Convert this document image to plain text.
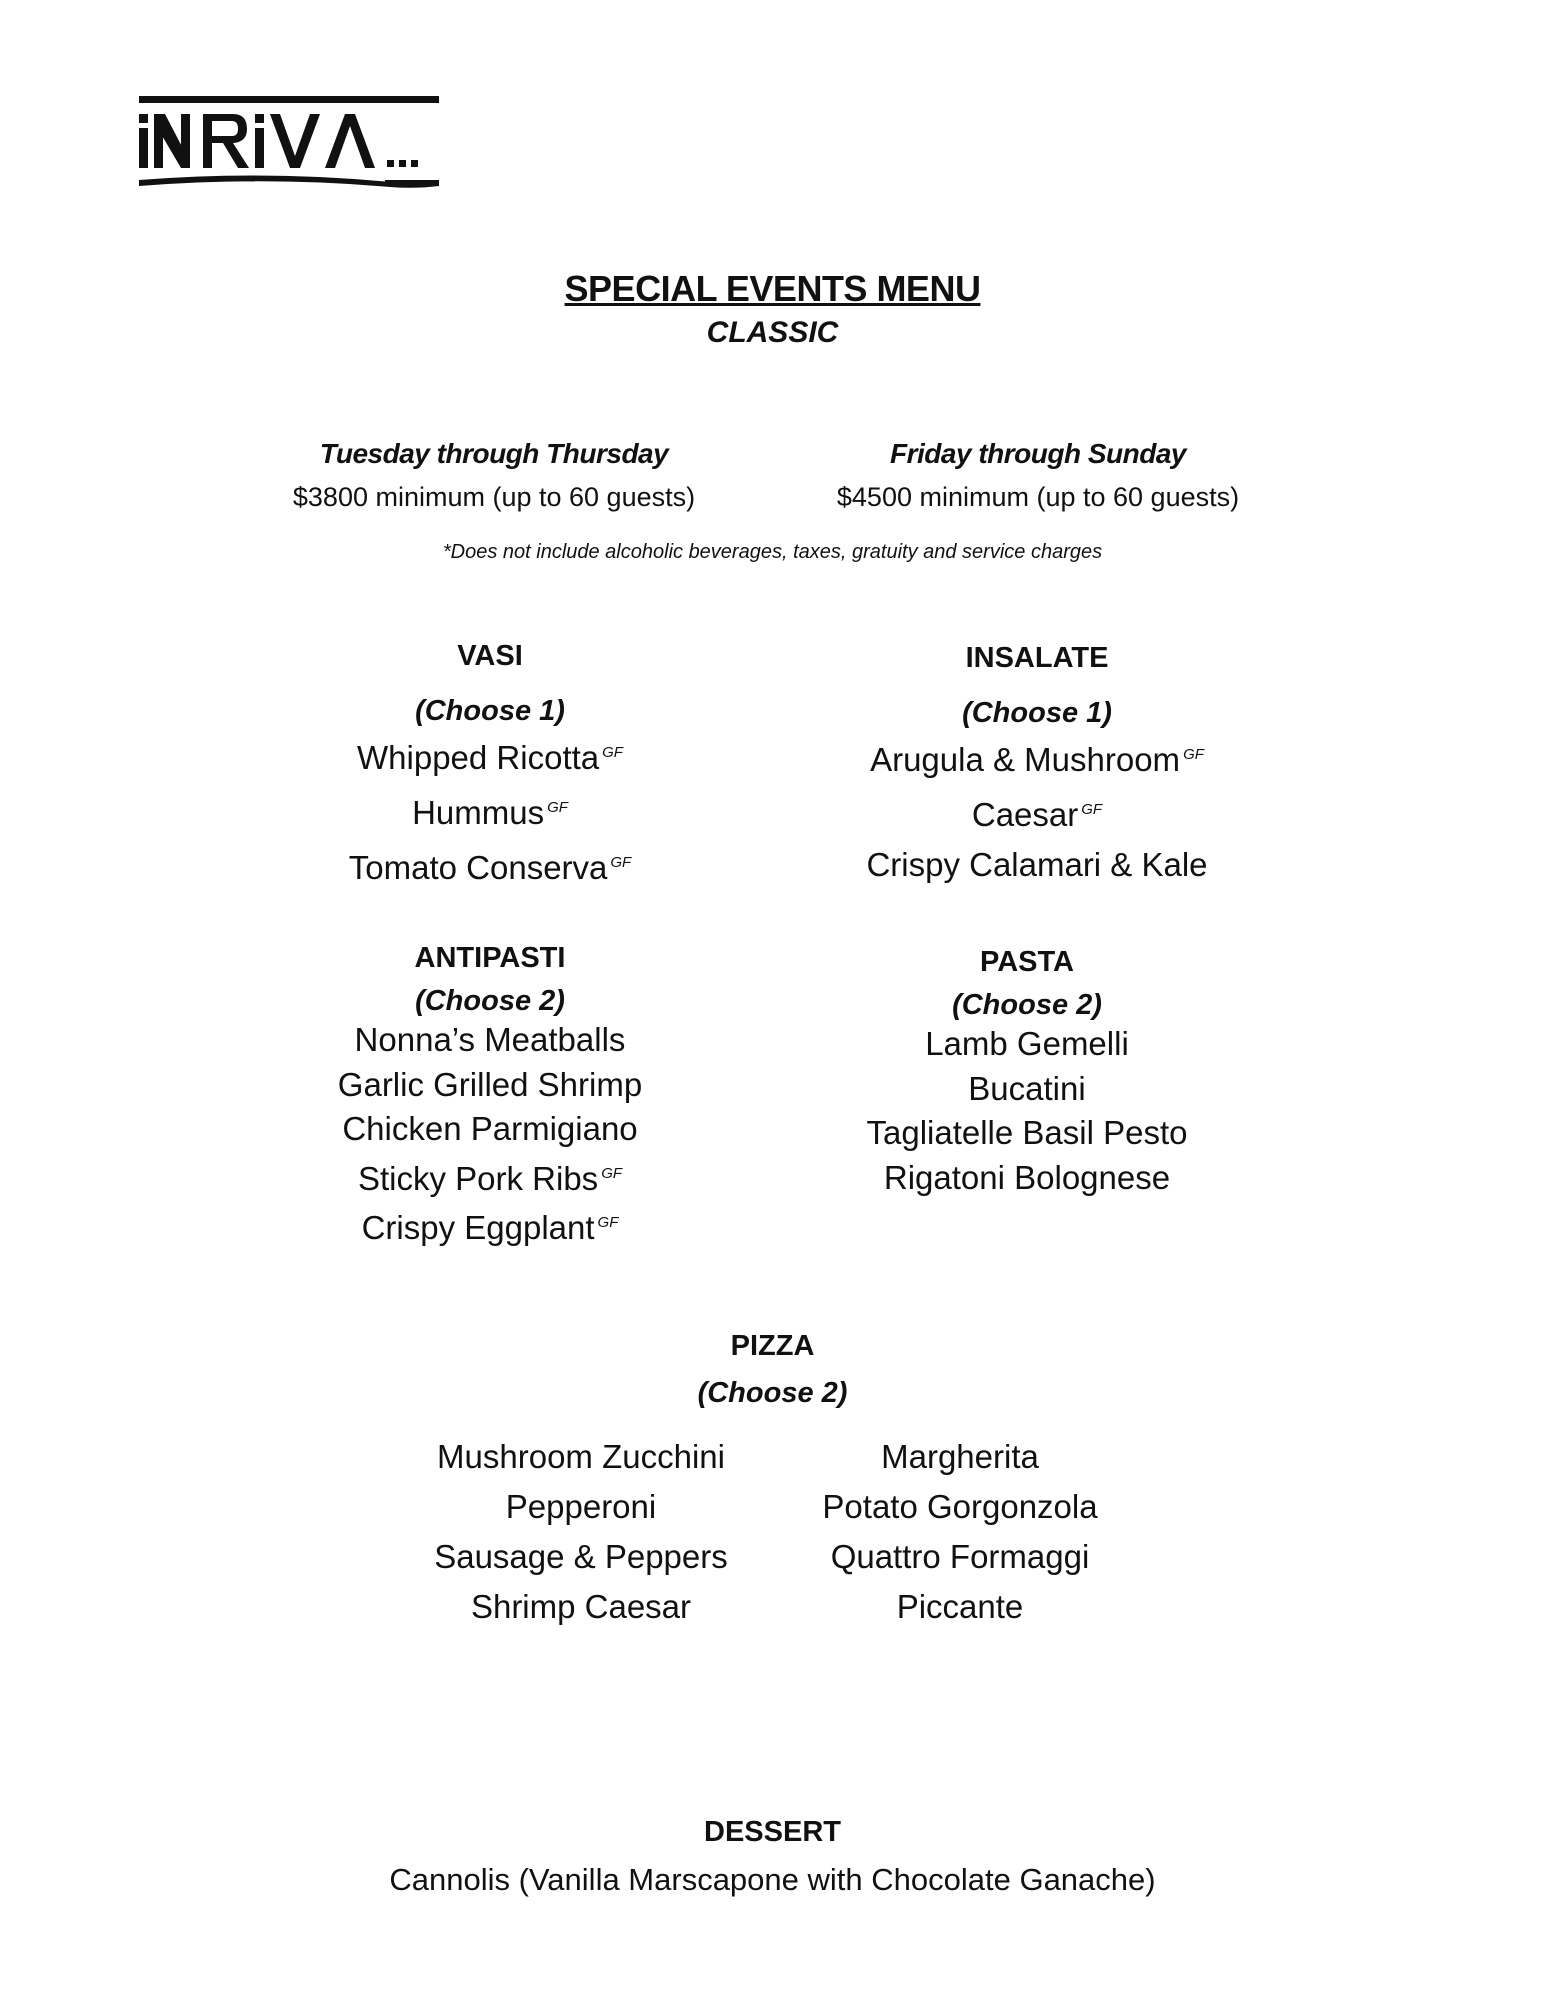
SPECIAL EVENTS MENU
CLASSIC
Tuesday through Thursday
$3800 minimum (up to 60 guests)
Friday through Sunday
$4500 minimum (up to 60 guests)
*Does not include alcoholic beverages, taxes, gratuity and service charges
VASI
(Choose 1)
Whipped Ricotta $^{GF}$
Hummus $^{GF}$
Tomato Conserva $^{GF}$
INSALATE
(Choose 1)
Arugula & Mushroom $^{GF}$
Caesar $^{GF}$
Crispy Calamari & Kale
ANTIPASTI
(Choose 2)
Nonna’s Meatballs
Garlic Grilled Shrimp
Chicken Parmigiano
Sticky Pork Ribs $^{GF}$
Crispy Eggplant $^{GF}$
PASTA
(Choose 2)
Lamb Gemelli
Bucatini
Tagliatelle Basil Pesto
Rigatoni Bolognese
PIZZA
(Choose 2)
Mushroom Zucchini
Pepperoni
Sausage & Peppers
Shrimp Caesar
Margherita
Potato Gorgonzola
Quattro Formaggi
Piccante
DESSERT
Cannolis (Vanilla Marscapone with Chocolate Ganache)
